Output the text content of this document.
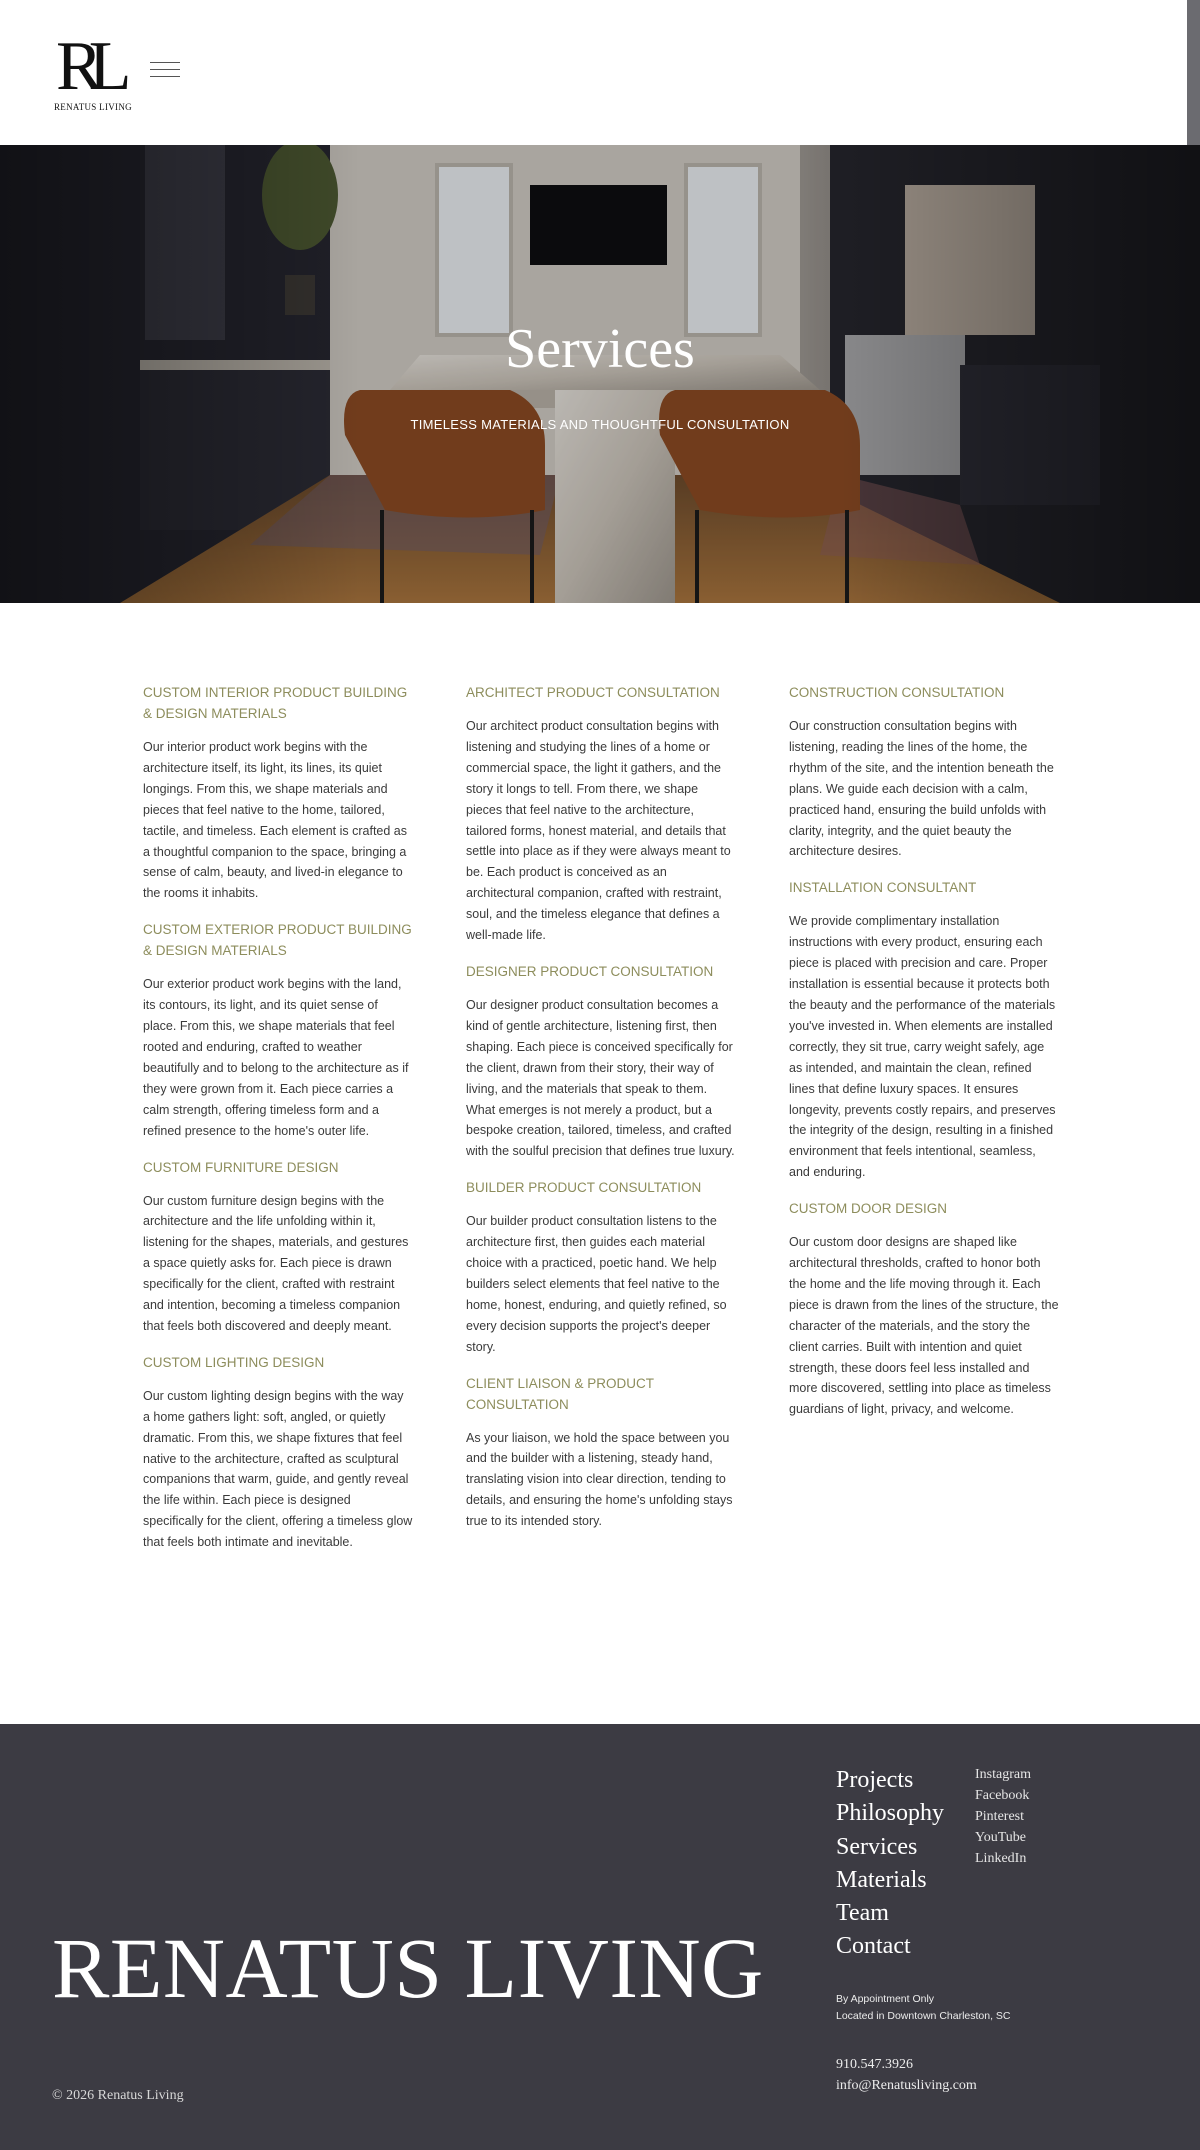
RL
RENATUS LIVING
Services
TIMELESS MATERIALS AND THOUGHTFUL CONSULTATION
CUSTOM INTERIOR PRODUCT BUILDING & DESIGN MATERIALS

Our interior product work begins with the architecture itself, its light, its lines, its quiet longings. From this, we shape materials and pieces that feel native to the home, tailored, tactile, and timeless. Each element is crafted as a thoughtful companion to the space, bringing a sense of calm, beauty, and lived-in elegance to the rooms it inhabits.

CUSTOM EXTERIOR PRODUCT BUILDING & DESIGN MATERIALS

Our exterior product work begins with the land, its contours, its light, and its quiet sense of place. From this, we shape materials that feel rooted and enduring, crafted to weather beautifully and to belong to the architecture as if they were grown from it. Each piece carries a calm strength, offering timeless form and a refined presence to the home's outer life.

CUSTOM FURNITURE DESIGN

Our custom furniture design begins with the architecture and the life unfolding within it, listening for the shapes, materials, and gestures a space quietly asks for. Each piece is drawn specifically for the client, crafted with restraint and intention, becoming a timeless companion that feels both discovered and deeply meant.

CUSTOM LIGHTING DESIGN

Our custom lighting design begins with the way a home gathers light: soft, angled, or quietly dramatic. From this, we shape fixtures that feel native to the architecture, crafted as sculptural companions that warm, guide, and gently reveal the life within. Each piece is designed specifically for the client, offering a timeless glow that feels both intimate and inevitable.

ARCHITECT PRODUCT CONSULTATION

Our architect product consultation begins with listening and studying the lines of a home or commercial space, the light it gathers, and the story it longs to tell. From there, we shape pieces that feel native to the architecture, tailored forms, honest material, and details that settle into place as if they were always meant to be. Each product is conceived as an architectural companion, crafted with restraint, soul, and the timeless elegance that defines a well-made life.

DESIGNER PRODUCT CONSULTATION

Our designer product consultation becomes a kind of gentle architecture, listening first, then shaping. Each piece is conceived specifically for the client, drawn from their story, their way of living, and the materials that speak to them. What emerges is not merely a product, but a bespoke creation, tailored, timeless, and crafted with the soulful precision that defines true luxury.

BUILDER PRODUCT CONSULTATION

Our builder product consultation listens to the architecture first, then guides each material choice with a practiced, poetic hand. We help builders select elements that feel native to the home, honest, enduring, and quietly refined, so every decision supports the project's deeper story.

CLIENT LIAISON & PRODUCT CONSULTATION

As your liaison, we hold the space between you and the builder with a listening, steady hand, translating vision into clear direction, tending to details, and ensuring the home's unfolding stays true to its intended story.

CONSTRUCTION CONSULTATION

Our construction consultation begins with listening, reading the lines of the home, the rhythm of the site, and the intention beneath the plans. We guide each decision with a calm, practiced hand, ensuring the build unfolds with clarity, integrity, and the quiet beauty the architecture desires.

INSTALLATION CONSULTANT

We provide complimentary installation instructions with every product, ensuring each piece is placed with precision and care. Proper installation is essential because it protects both the beauty and the performance of the materials you've invested in. When elements are installed correctly, they sit true, carry weight safely, age as intended, and maintain the clean, refined lines that define luxury spaces. It ensures longevity, prevents costly repairs, and preserves the integrity of the design, resulting in a finished environment that feels intentional, seamless, and enduring.

CUSTOM DOOR DESIGN

Our custom door designs are shaped like architectural thresholds, crafted to honor both the home and the life moving through it. Each piece is drawn from the lines of the structure, the character of the materials, and the story the client carries. Built with intention and quiet strength, these doors feel less installed and more discovered, settling into place as timeless guardians of light, privacy, and welcome.

Projects
Philosophy
Services
Materials
Team
Contact
Instagram
Facebook
Pinterest
YouTube
LinkedIn
RENATUS LIVING	By Appointment Only
Located in Downtown Charleston, SC
910.547.3926
info@Renatusliving.com
© 2026 Renatus Living
